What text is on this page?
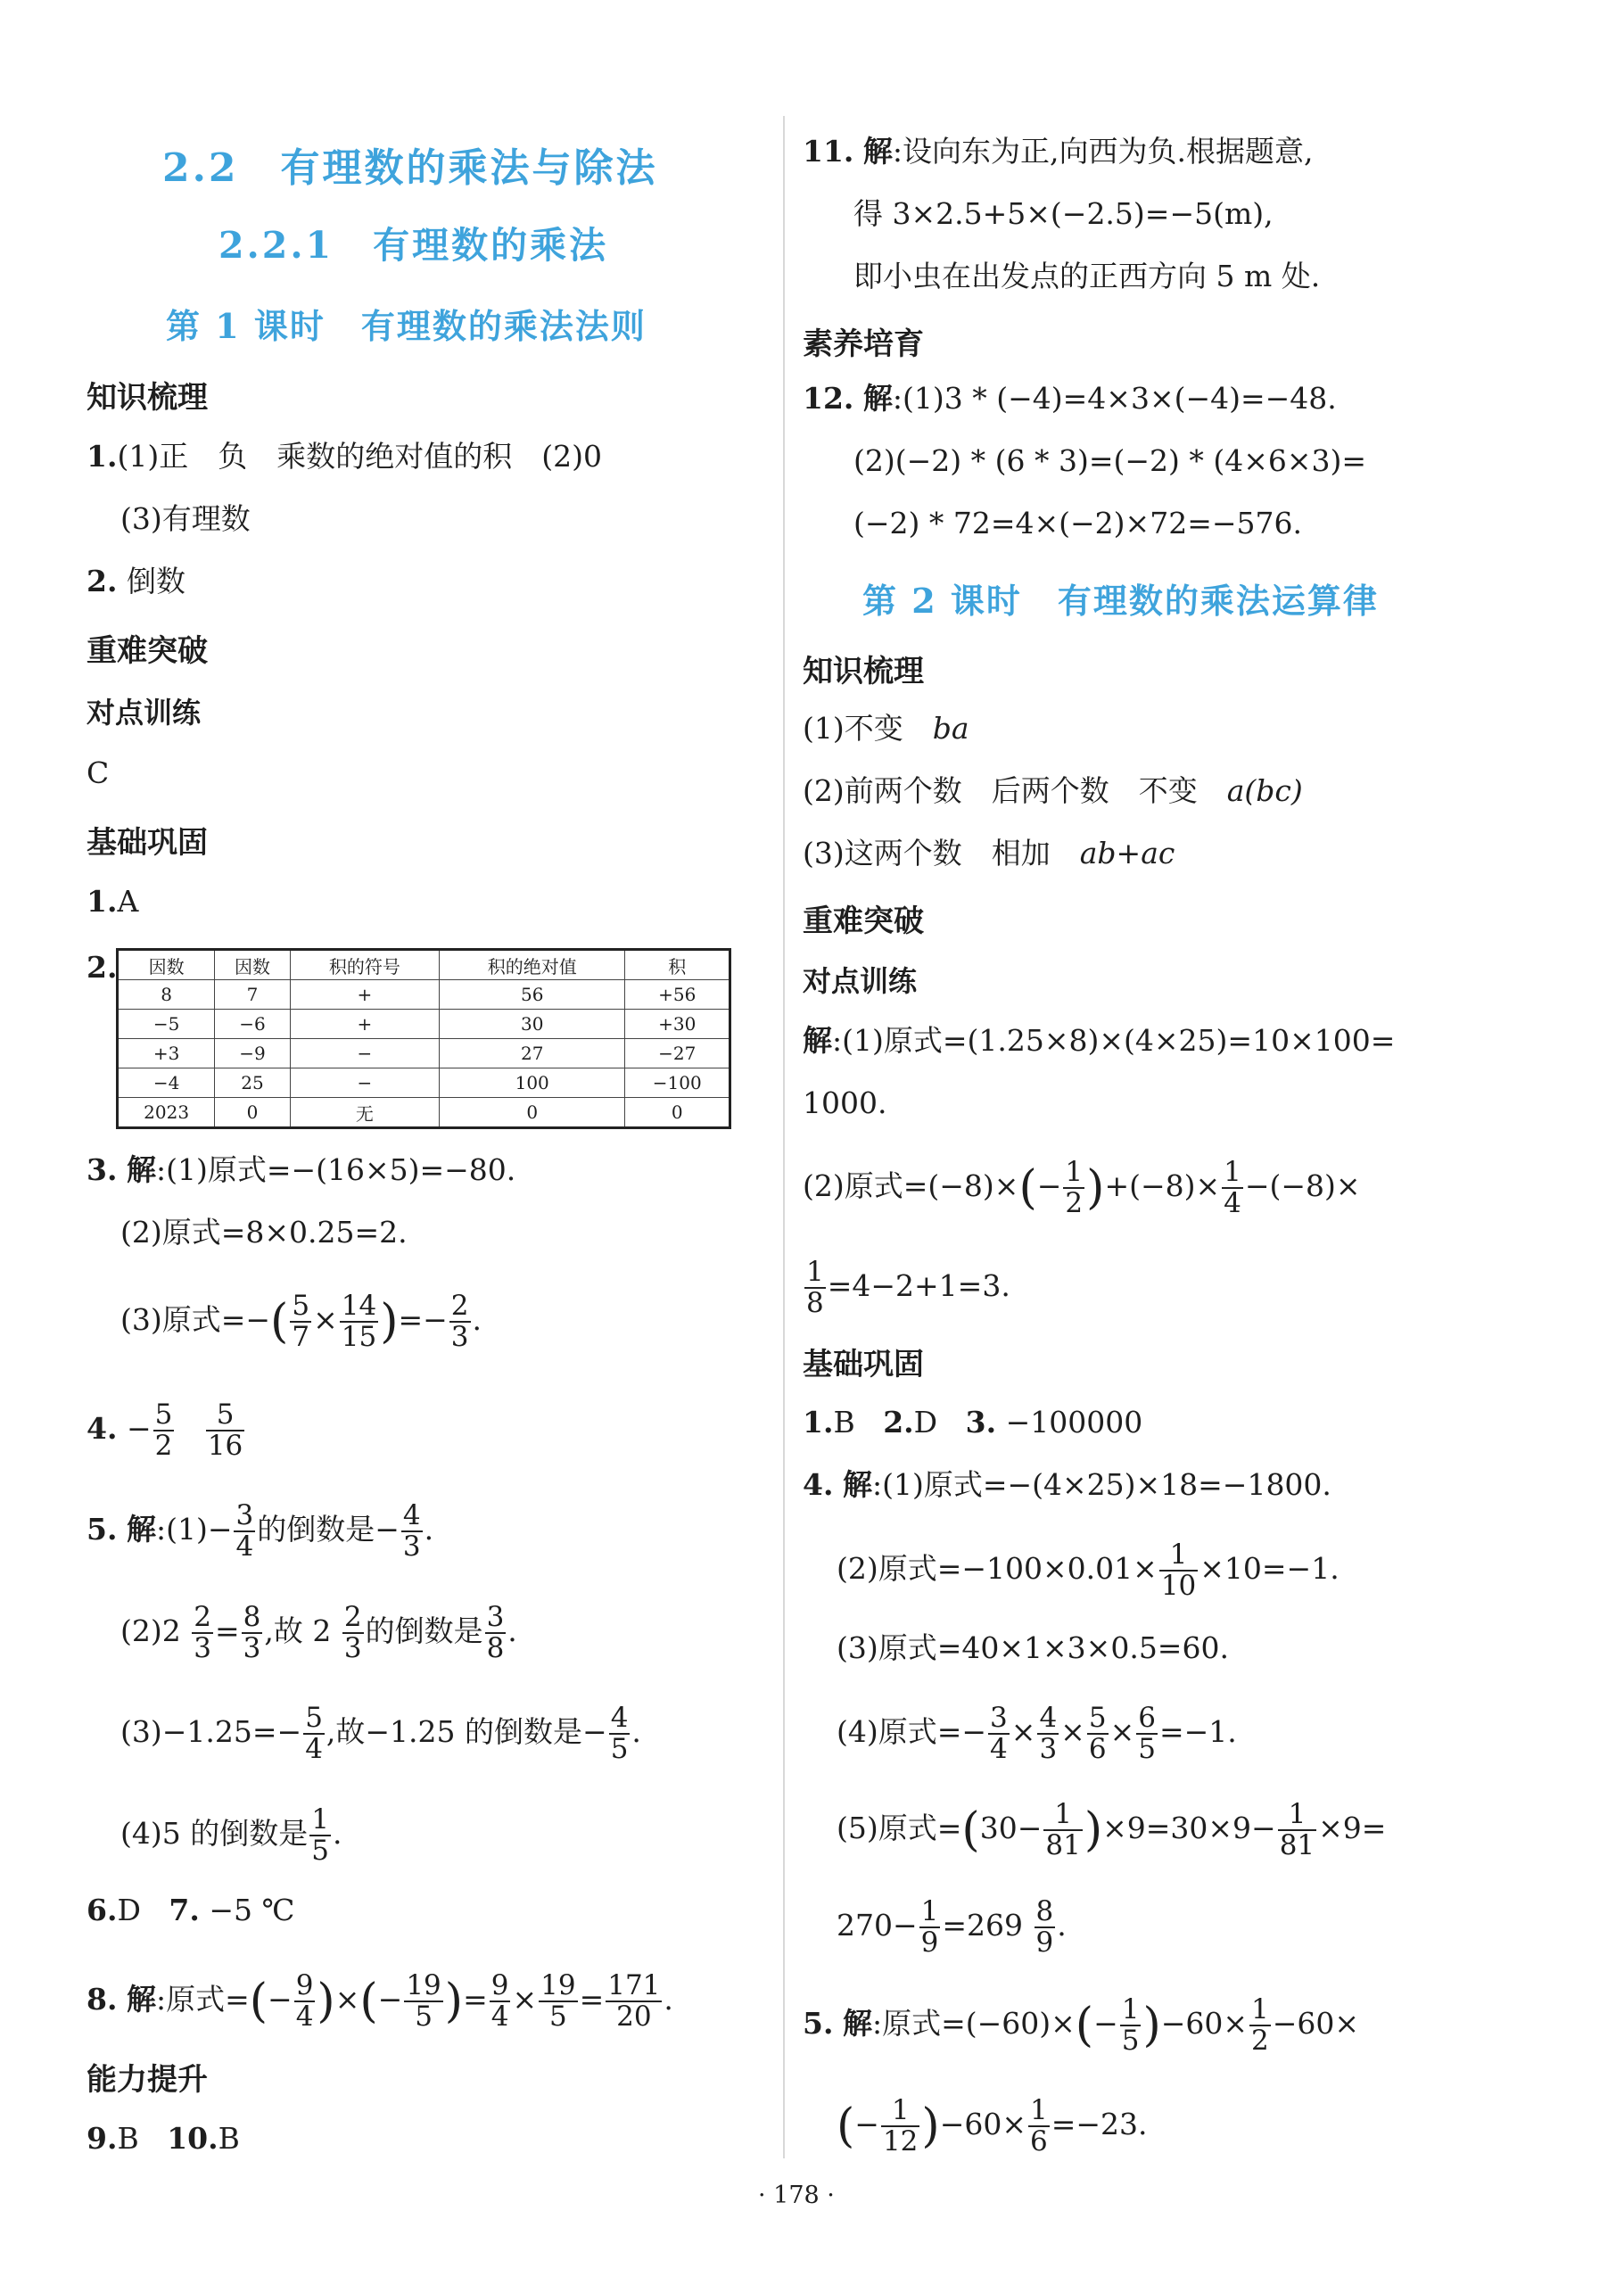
2.2　有理数的乘法与除法
2.2.1　有理数的乘法
第 1 课时　有理数的乘法法则
知识梳理
1.(1)正　负　乘数的绝对值的积　(2)0
(3)有理数
2. 倒数
重难突破
对点训练
C
基础巩固
1.A
2. 因数	因数	积的符号	积的绝对值	积
8	7	+	56	+56
−5	−6	+	30	+30
+3	−9	−	27	−27
−4	25	−	100	−100
2023	0	无	0	0
3. 解:(1)原式=−(16×5)=−80.
(2)原式=8×0.25=2.
(3)原式=−( $\frac{5}{7} \times \frac{14}{15}$ )=− $\frac{2}{3}$ .
4. − $\frac{5}{2}$
$\frac{5}{16}$
5. 解:(1)− $\frac{3}{4}$ 的倒数是− $\frac{4}{3}$ .
$(2)2 \frac{2}{3} = \frac{8}{3}$ ,故 $2 \frac{2}{3}$ 的倒数是 $\frac{3}{8}$ .
$(3)-1.25=- \frac{5}{4}$ ,故−1.25 的倒数是− $\frac{4}{5}$ .
(4)5 的倒数是 $\frac{1}{5}$ .
6.D 7. −5 ℃
8. 解:原式=(− $\frac{9}{4}$ )×(− $\frac{19}{5}$ )= $\frac{9}{4} \times \frac{19}{5} = \frac{171}{20}$ .
能力提升
9.B 10.B
11. 解:设向东为正,向西为负.根据题意,
得 3×2.5+5×(−2.5)=−5(m),
即小虫在出发点的正西方向 5 m 处.
素养培育
12. 解:(1)3 * (−4)=4×3×(−4)=−48.
(2)(−2) * (6 * 3)=(−2) * (4×6×3)=
(−2) * 72=4×(−2)×72=−576.
第 2 课时　有理数的乘法运算律
知识梳理
(1)不变　ba
(2)前两个数　后两个数　不变　a(bc)
(3)这两个数　相加　ab+ac
重难突破
对点训练
解:(1)原式=(1.25×8)×(4×25)=10×100=
1000.
(2)原式$=(-8)\times(- \frac{1}{2} )+(-8)\times \frac{1}{4} -(-8)\times$
$\frac{1}{8} =4-2+1=3$.
基础巩固
1.B 2.D 3. −100000
4. 解:(1)原式=−(4×25)×18=−1800.
(2)原式$=-100\times 0.01\times \frac{1}{10} \times 10=-1$.
(3)原式=40×1×3×0.5=60.
(4)原式=− $\frac{3}{4} \times \frac{4}{3} \times \frac{5}{6} \times \frac{6}{5} =-1$.
(5)原式$=(30- \frac{1}{81} )\times 9=30\times 9- \frac{1}{81} \times 9=$
$270- \frac{1}{9} =269 \frac{8}{9}$ .
5. 解:原式$=(-60)\times(- \frac{1}{5} )-60\times \frac{1}{2} -60\times$
(− $\frac{1}{12} )-60\times \frac{1}{6} =-23$.
· 178 ·
